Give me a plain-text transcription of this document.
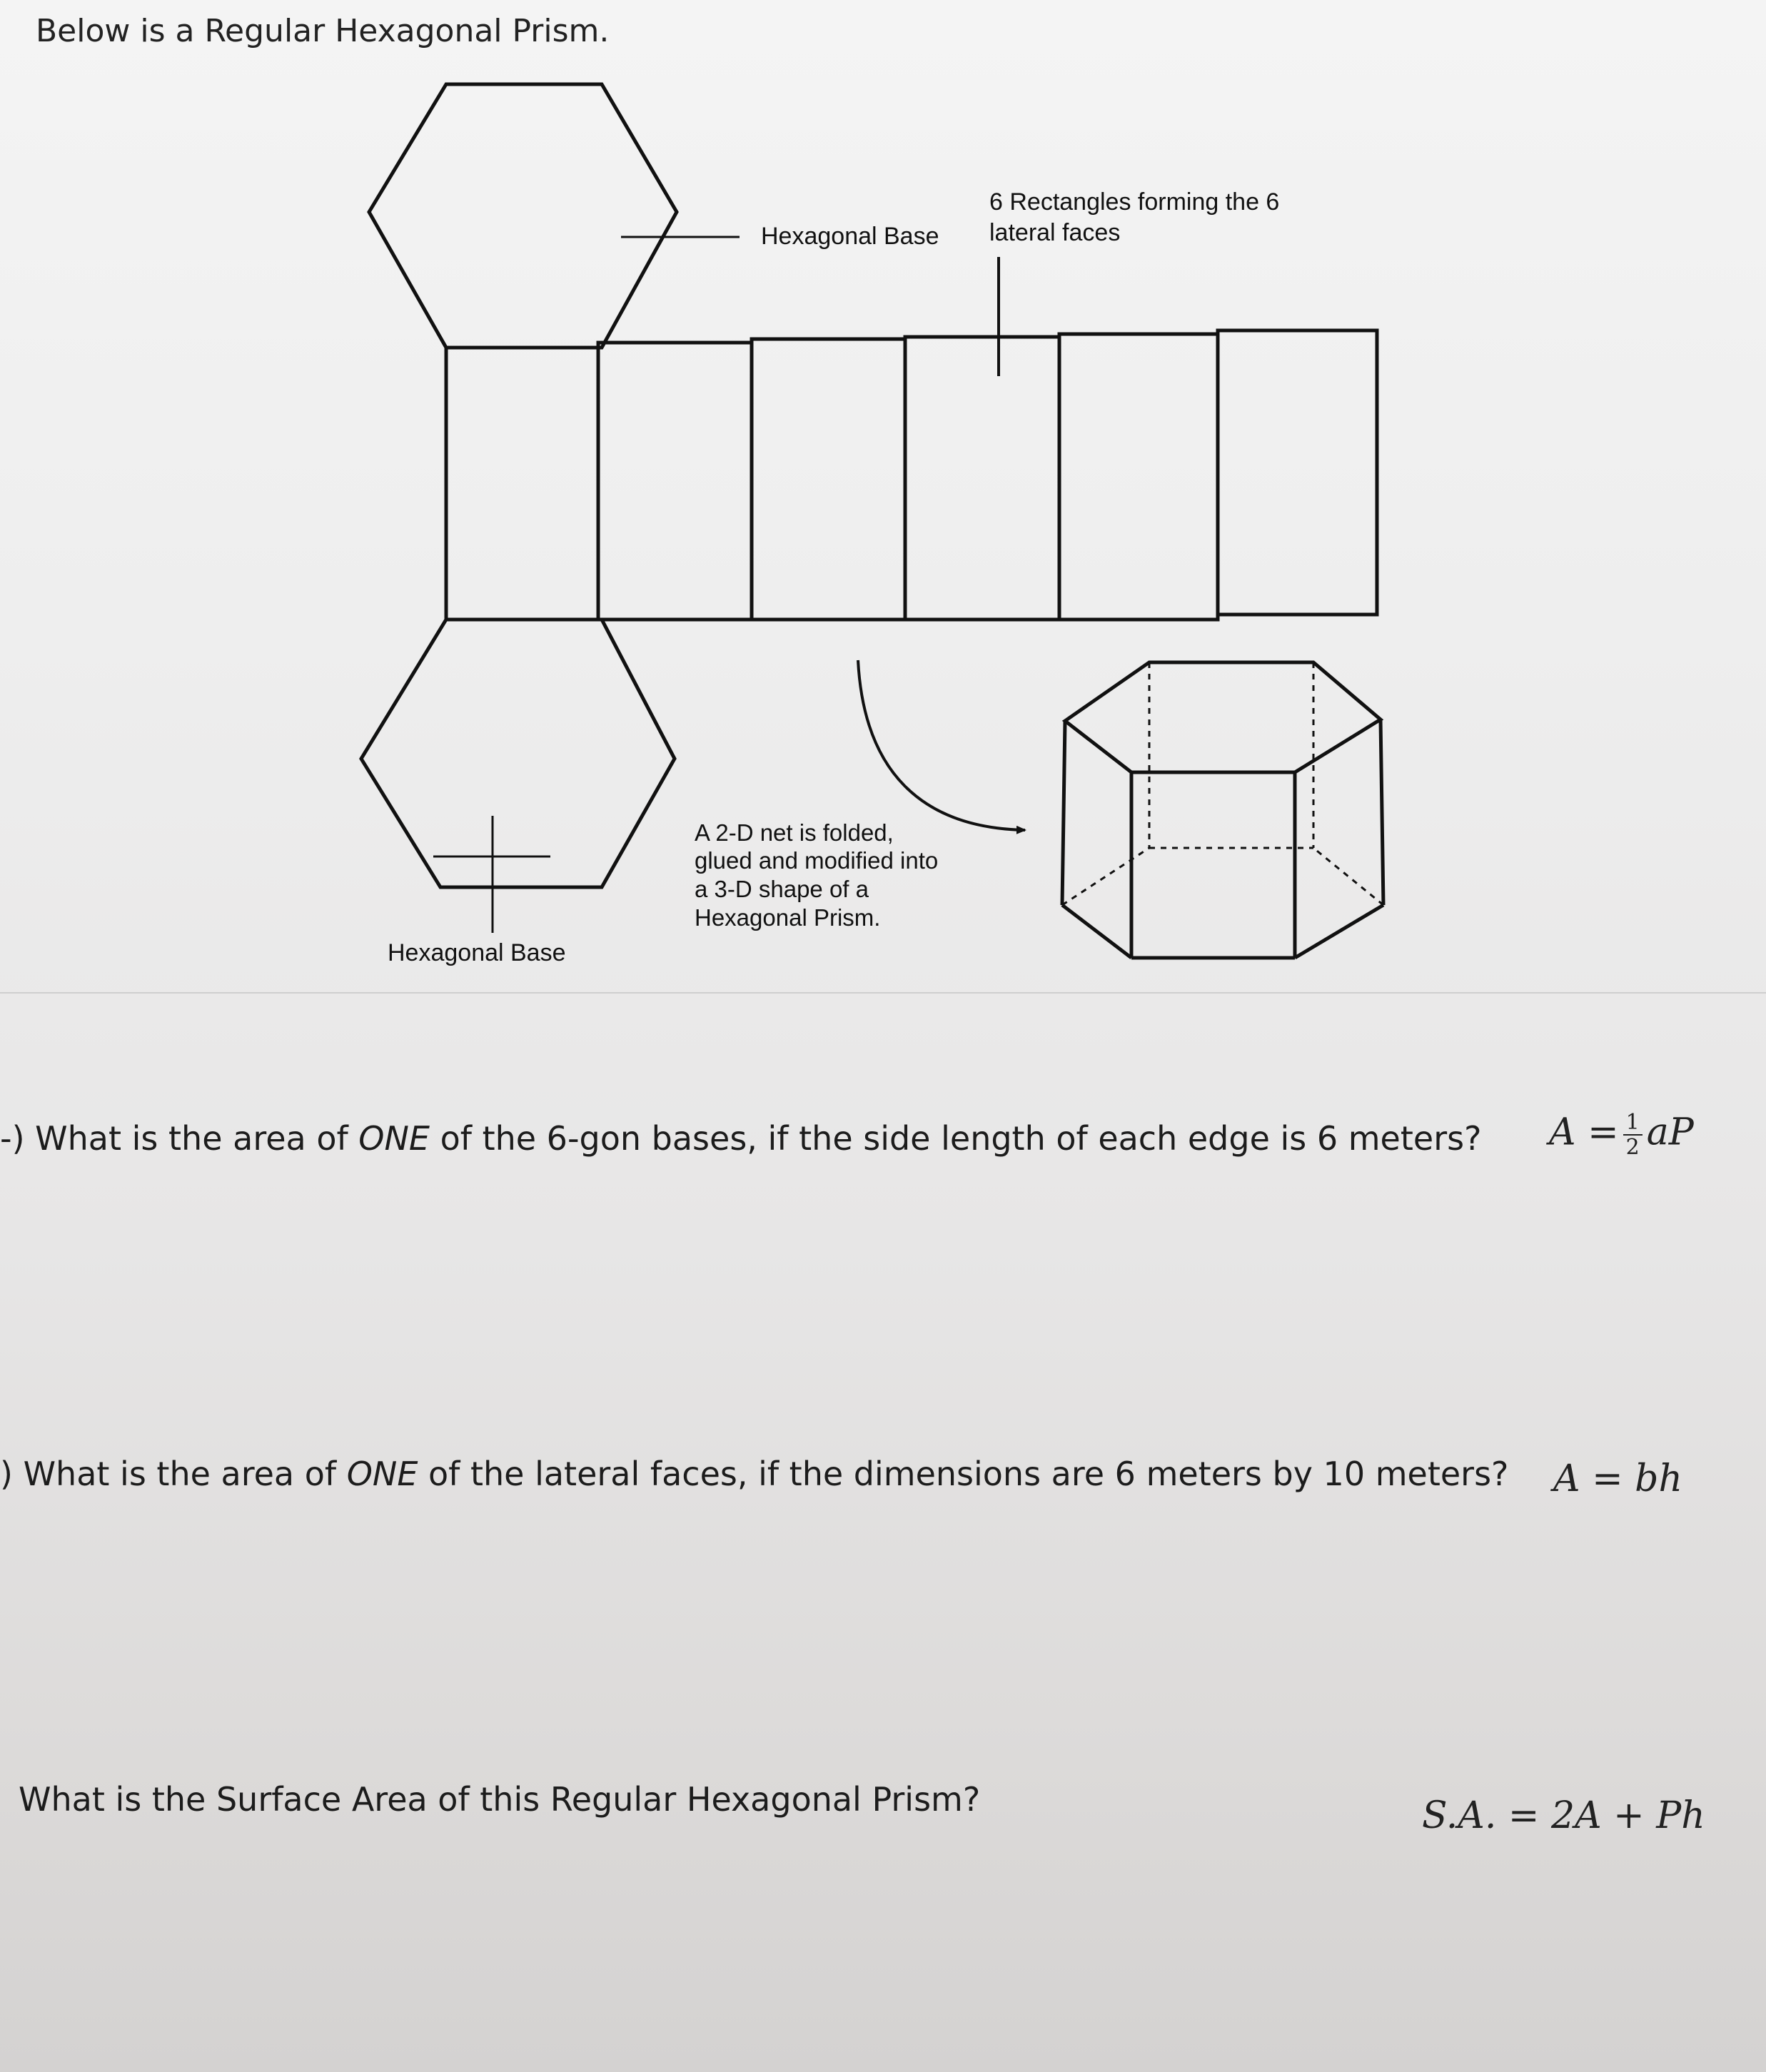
Below is a Regular Hexagonal Prism.
Hexagonal Base
6 Rectangles forming the 6
lateral faces
Hexagonal Base
A 2-D net is folded,
glued and modified into
a 3-D shape of a
Hexagonal Prism.
-) What is the area of ONE of the 6-gon bases, if the side length of each edge is 6 meters? $A = \frac{1}{2}$ aP
) What is the area of ONE of the lateral faces, if the dimensions are 6 meters by 10 meters? A = bh
What is the Surface Area of this Regular Hexagonal Prism?	S.A. = 2A + Ph
